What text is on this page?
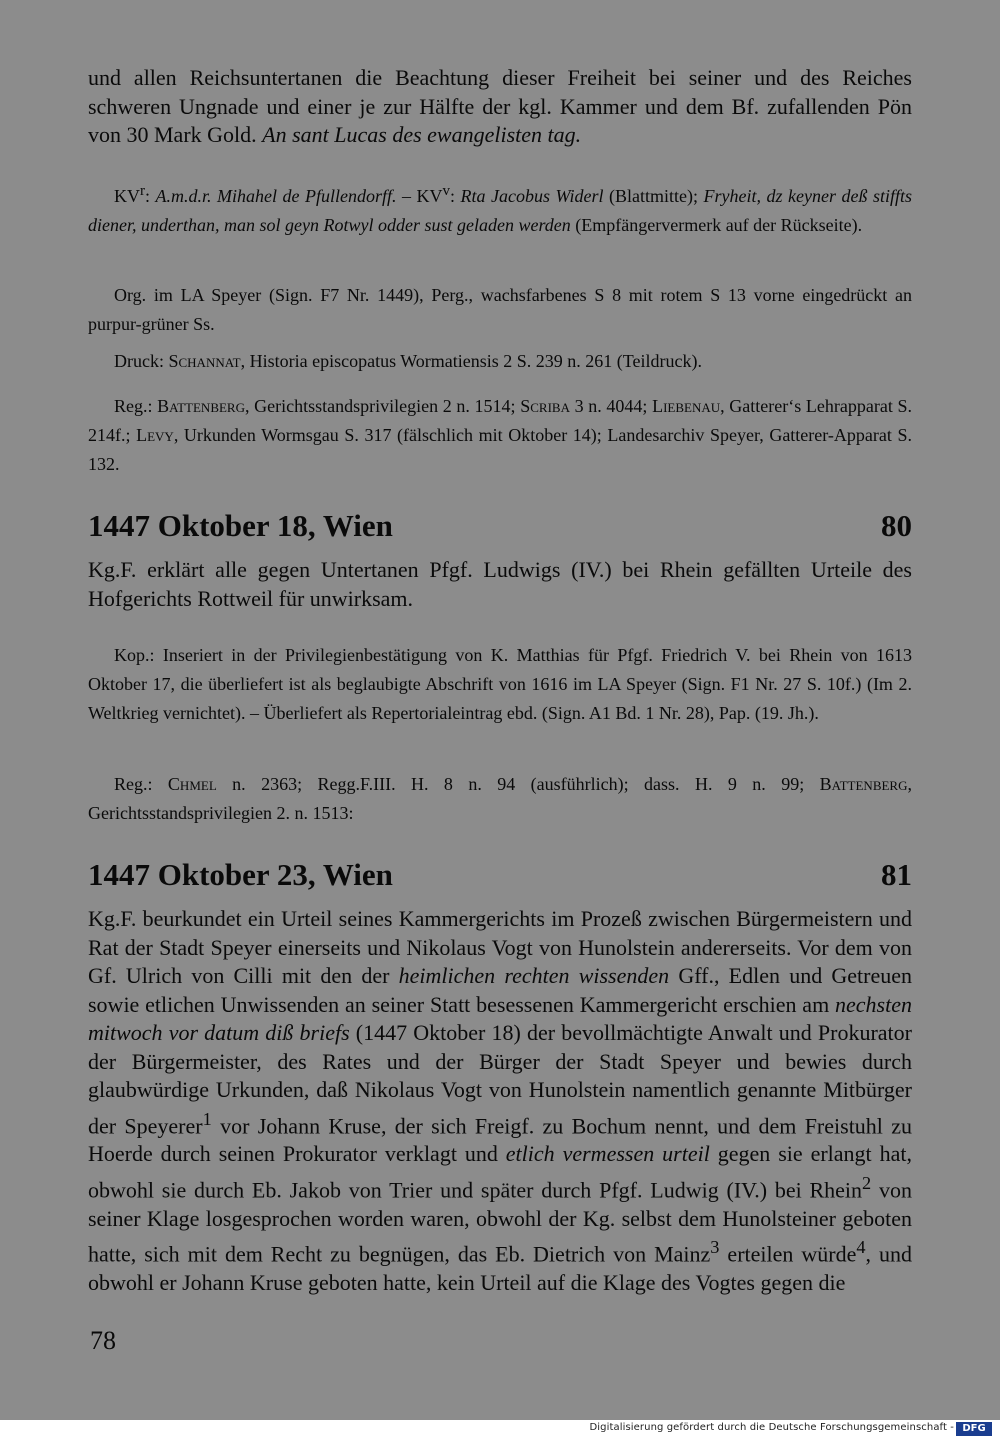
und allen Reichsuntertanen die Beachtung dieser Freiheit bei seiner und des Reiches schweren Ungnade und einer je zur Hälfte der kgl. Kammer und dem Bf. zufallenden Pön von 30 Mark Gold. An sant Lucas des ewangelisten tag.

$KV^r$: A.m.d.r. Mihahel de Pfullendorff. – $KV^v$: Rta Jacobus Widerl (Blattmitte); Fryheit, dz keyner deß stiffts diener, underthan, man sol geyn Rotwyl odder sust geladen werden (Empfängervermerk auf der Rückseite).

Org. im LA Speyer (Sign. F7 Nr. 1449), Perg., wachsfarbenes S 8 mit rotem S 13 vorne eingedrückt an purpur-grüner Ss.

Druck: Schannat, Historia episcopatus Wormatiensis 2 S. 239 n. 261 (Teildruck).

Reg.: Battenberg, Gerichtsstandsprivilegien 2 n. 1514; Scriba 3 n. 4044; Liebenau, Gatterer‘s Lehrapparat S. 214f.; Levy, Urkunden Wormsgau S. 317 (fälschlich mit Oktober 14); Landesarchiv Speyer, Gatterer-Apparat S. 132.

1447 Oktober 18, Wien	80

Kg.F. erklärt alle gegen Untertanen Pfgf. Ludwigs (IV.) bei Rhein gefällten Urteile des Hofgerichts Rottweil für unwirksam.

Kop.: Inseriert in der Privilegienbestätigung von K. Matthias für Pfgf. Friedrich V. bei Rhein von 1613 Oktober 17, die überliefert ist als beglaubigte Abschrift von 1616 im LA Speyer (Sign. F1 Nr. 27 S. 10f.) (Im 2. Weltkrieg vernichtet). – Überliefert als Repertorialeintrag ebd. (Sign. A1 Bd. 1 Nr. 28), Pap. (19. Jh.).

Reg.: Chmel n. 2363; Regg.F.III. H. 8 n. 94 (ausführlich); dass. H. 9 n. 99; Battenberg, Gerichtsstandsprivilegien 2. n. 1513:

1447 Oktober 23, Wien	81

Kg.F. beurkundet ein Urteil seines Kammergerichts im Prozeß zwischen Bürgermeistern und Rat der Stadt Speyer einerseits und Nikolaus Vogt von Hunolstein andererseits. Vor dem von Gf. Ulrich von Cilli mit den der heimlichen rechten wissenden Gff., Edlen und Getreuen sowie etlichen Unwissenden an seiner Statt besessenen Kammergericht erschien am nechsten mitwoch vor datum diß briefs (1447 Oktober 18) der bevollmächtigte Anwalt und Prokurator der Bürgermeister, des Rates und der Bürger der Stadt Speyer und bewies durch glaubwürdige Urkunden, daß Nikolaus Vogt von Hunolstein namentlich genannte Mitbürger der Speyerer$^1$ vor Johann Kruse, der sich Freigf. zu Bochum nennt, und dem Freistuhl zu Hoerde durch seinen Prokurator verklagt und etlich vermessen urteil gegen sie erlangt hat, obwohl sie durch Eb. Jakob von Trier und später durch Pfgf. Ludwig (IV.) bei Rhein$^2$ von seiner Klage losgesprochen worden waren, obwohl der Kg. selbst dem Hunolsteiner geboten hatte, sich mit dem Recht zu begnügen, das Eb. Dietrich von Mainz$^3$ erteilen würde$^4$, und obwohl er Johann Kruse geboten hatte, kein Urteil auf die Klage des Vogtes gegen die

78
Digitalisierung gefördert durch die Deutsche Forschungsgemeinschaft - DFG
